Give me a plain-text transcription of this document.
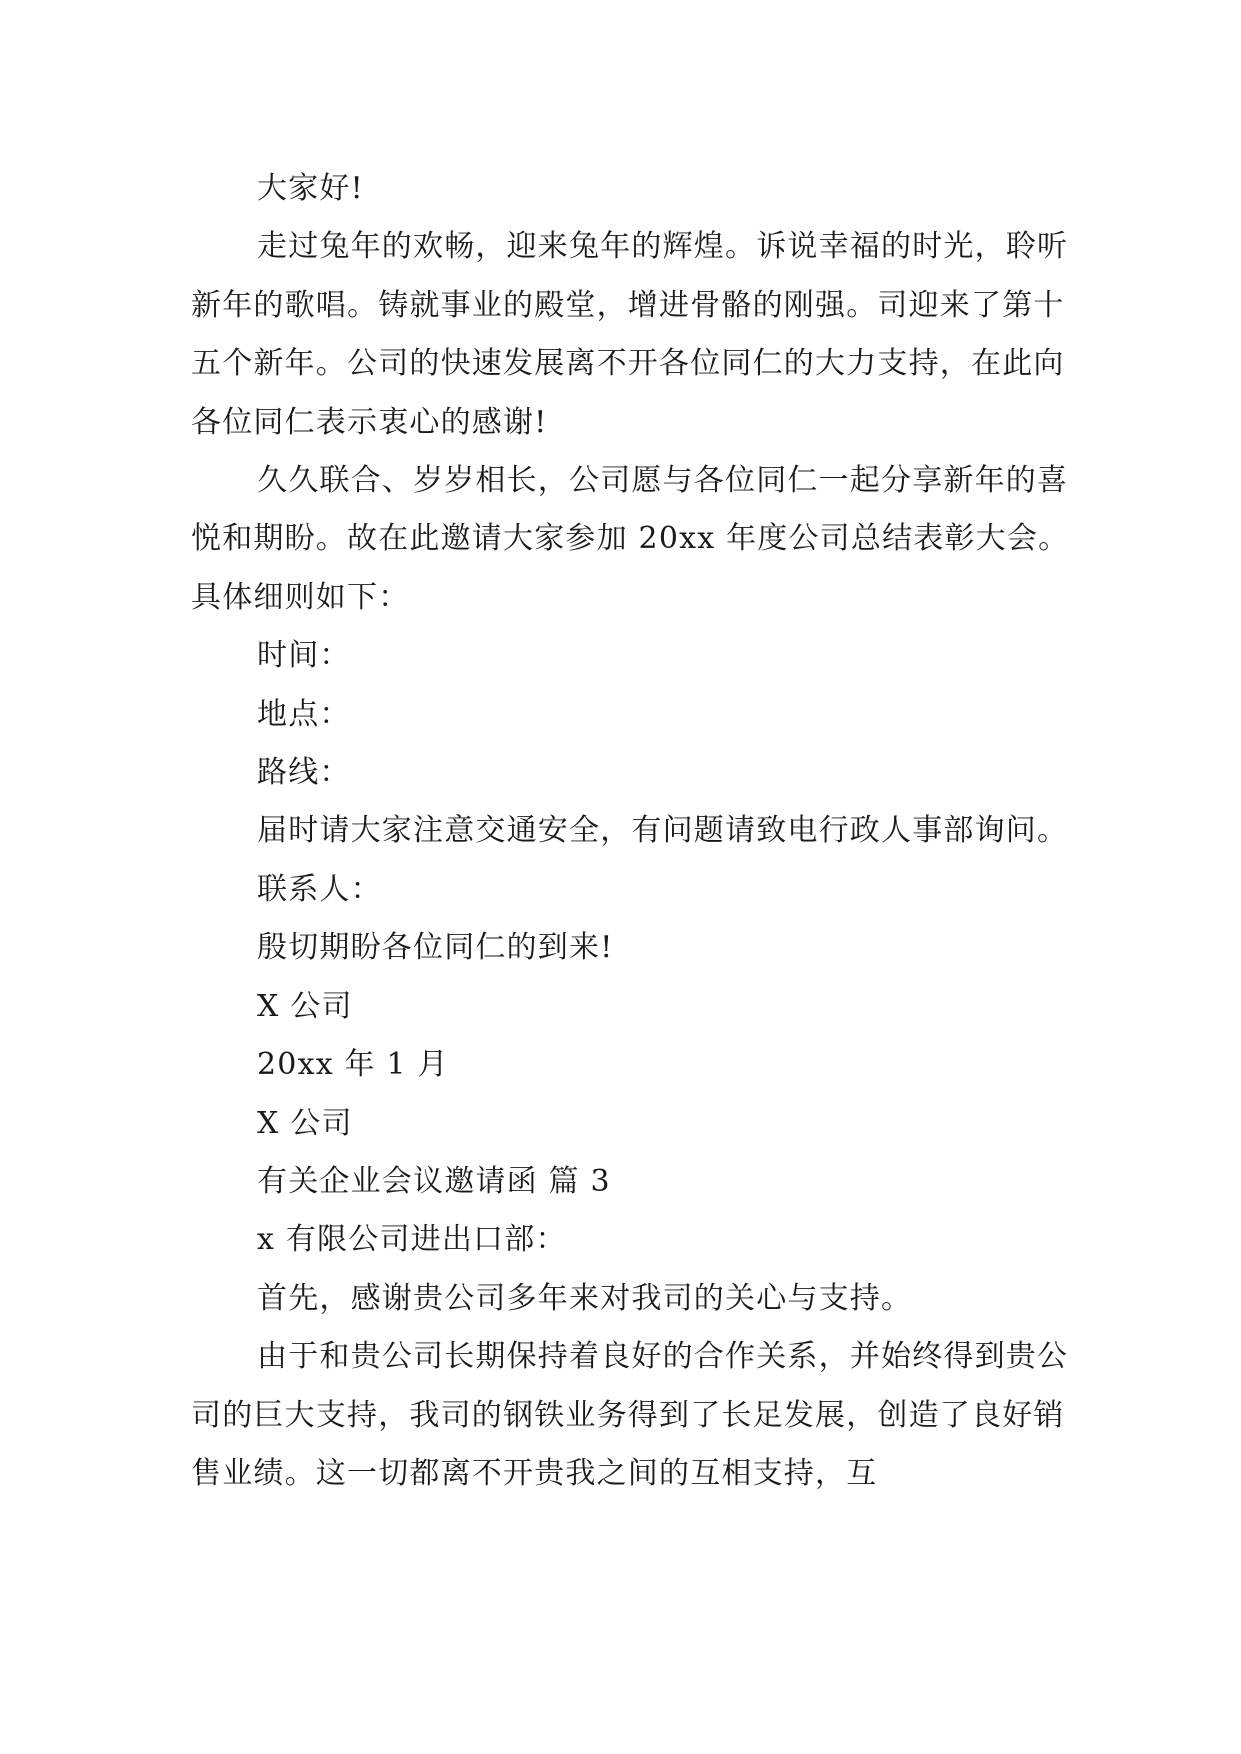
大家好!

走过兔年的欢畅，迎来兔年的辉煌。诉说幸福的时光，聆听新年的歌唱。铸就事业的殿堂，增进骨骼的刚强。司迎来了第十五个新年。公司的快速发展离不开各位同仁的大力支持，在此向各位同仁表示衷心的感谢!

久久联合、岁岁相长，公司愿与各位同仁一起分享新年的喜悦和期盼。故在此邀请大家参加 20xx 年度公司总结表彰大会。具体细则如下：

时间：

地点：

路线：

届时请大家注意交通安全，有问题请致电行政人事部询问。

联系人：

殷切期盼各位同仁的到来!

X 公司

20xx 年 1 月

X 公司

有关企业会议邀请函 篇 3

x 有限公司进出口部：

首先，感谢贵公司多年来对我司的关心与支持。

由于和贵公司长期保持着良好的合作关系，并始终得到贵公司的巨大支持，我司的钢铁业务得到了长足发展，创造了良好销售业绩。这一切都离不开贵我之间的互相支持，互
